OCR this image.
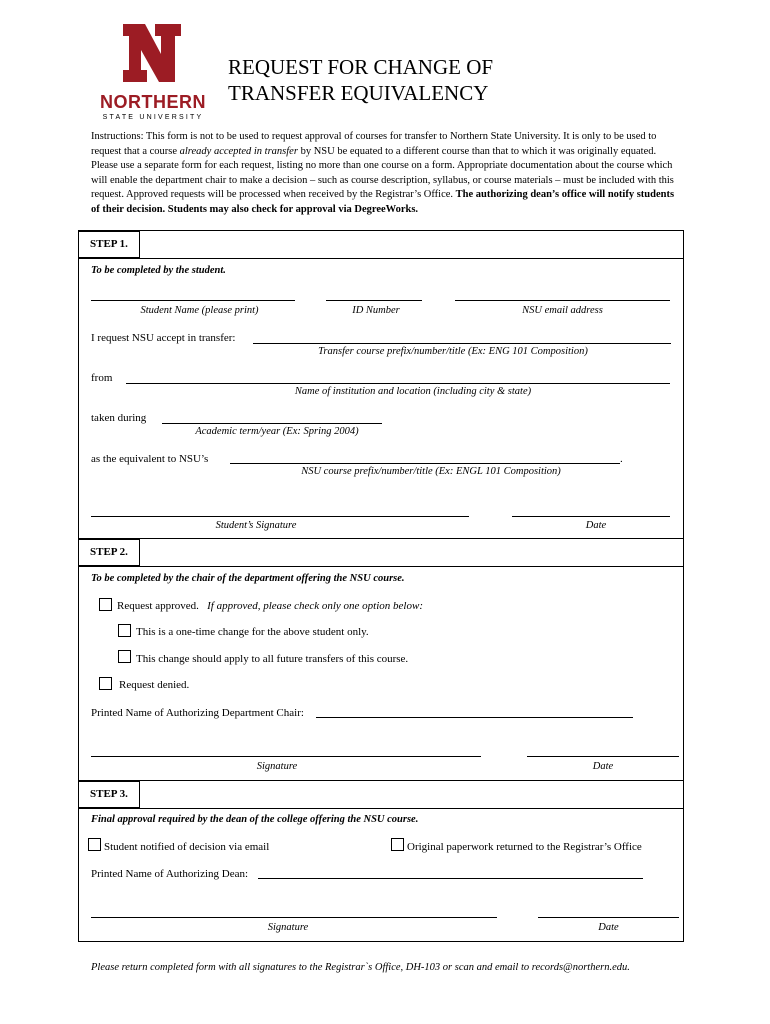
NORTHERN
STATE UNIVERSITY
REQUEST FOR CHANGE OF
TRANSFER EQUIVALENCY
Instructions: This form is not to be used to request approval of courses for transfer to Northern State University. It is only to be used to request that a course already accepted in transfer by NSU be equated to a different course than that to which it was originally equated. Please use a separate form for each request, listing no more than one course on a form. Appropriate documentation about the course which will enable the department chair to make a decision – such as course description, syllabus, or course materials – must be included with this request. Approved requests will be processed when received by the Registrar’s Office. The authorizing dean’s office will notify students of their decision. Students may also check for approval via DegreeWorks.
STEP 1.
To be completed by the student.
Student Name (please print)	ID Number	NSU email address
I request NSU accept in transfer:
Transfer course prefix/number/title (Ex: ENG 101 Composition)
from
Name of institution and location (including city & state)
taken during
Academic term/year (Ex: Spring 2004)
as the equivalent to NSU’s	.
NSU course prefix/number/title (Ex: ENGL 101 Composition)
Student’s Signature	Date
STEP 2.
To be completed by the chair of the department offering the NSU course.
Request approved. If approved, please check only one option below:
This is a one-time change for the above student only.
This change should apply to all future transfers of this course.
Request denied.
Printed Name of Authorizing Department Chair:
Signature	Date
STEP 3.
Final approval required by the dean of the college offering the NSU course.
Student notified of decision via email	Original paperwork returned to the Registrar’s Office
Printed Name of Authorizing Dean:
Signature	Date
Please return completed form with all signatures to the Registrar`s Office, DH-103 or scan and email to records@northern.edu.
